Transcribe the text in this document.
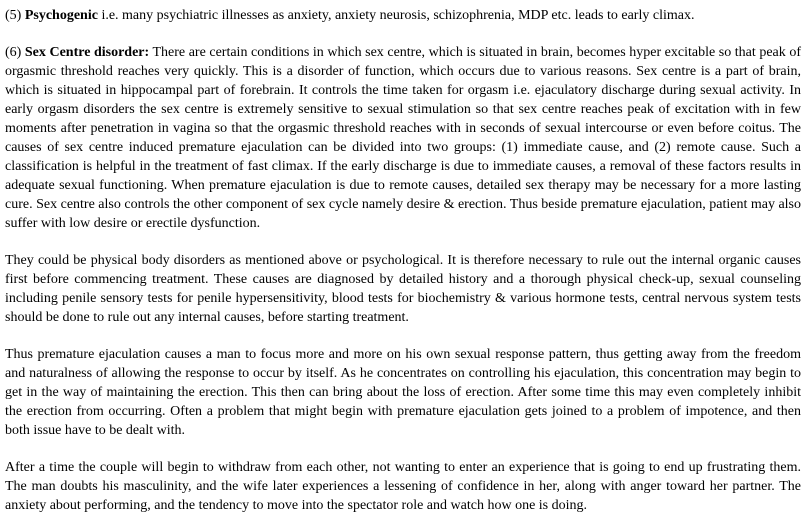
(5) Psychogenic i.e. many psychiatric illnesses as anxiety, anxiety neurosis, schizophrenia, MDP etc. leads to early climax.

(6) Sex Centre disorder: There are certain conditions in which sex centre, which is situated in brain, becomes hyper excitable so that peak of orgasmic threshold reaches very quickly. This is a disorder of function, which occurs due to various reasons. Sex centre is a part of brain, which is situated in hippocampal part of forebrain. It controls the time taken for orgasm i.e. ejaculatory discharge during sexual activity. In early orgasm disorders the sex centre is extremely sensitive to sexual stimulation so that sex centre reaches peak of excitation with in few moments after penetration in vagina so that the orgasmic threshold reaches with in seconds of sexual intercourse or even before coitus. The causes of sex centre induced premature ejaculation can be divided into two groups: (1) immediate cause, and (2) remote cause. Such a classification is helpful in the treatment of fast climax. If the early discharge is due to immediate causes, a removal of these factors results in adequate sexual functioning. When premature ejaculation is due to remote causes, detailed sex therapy may be necessary for a more lasting cure. Sex centre also controls the other component of sex cycle namely desire & erection. Thus beside premature ejaculation, patient may also suffer with low desire or erectile dysfunction.

They could be physical body disorders as mentioned above or psychological. It is therefore necessary to rule out the internal organic causes first before commencing treatment. These causes are diagnosed by detailed history and a thorough physical check-up, sexual counseling including penile sensory tests for penile hypersensitivity, blood tests for biochemistry & various hormone tests, central nervous system tests should be done to rule out any internal causes, before starting treatment.

Thus premature ejaculation causes a man to focus more and more on his own sexual response pattern, thus getting away from the freedom and naturalness of allowing the response to occur by itself. As he concentrates on controlling his ejaculation, this concentration may begin to get in the way of maintaining the erection. This then can bring about the loss of erection. After some time this may even completely inhibit the erection from occurring. Often a problem that might begin with premature ejaculation gets joined to a problem of impotence, and then both issue have to be dealt with.

After a time the couple will begin to withdraw from each other, not wanting to enter an experience that is going to end up frustrating them. The man doubts his masculinity, and the wife later experiences a lessening of confidence in her, along with anger toward her partner. The anxiety about performing, and the tendency to move into the spectator role and watch how one is doing.
